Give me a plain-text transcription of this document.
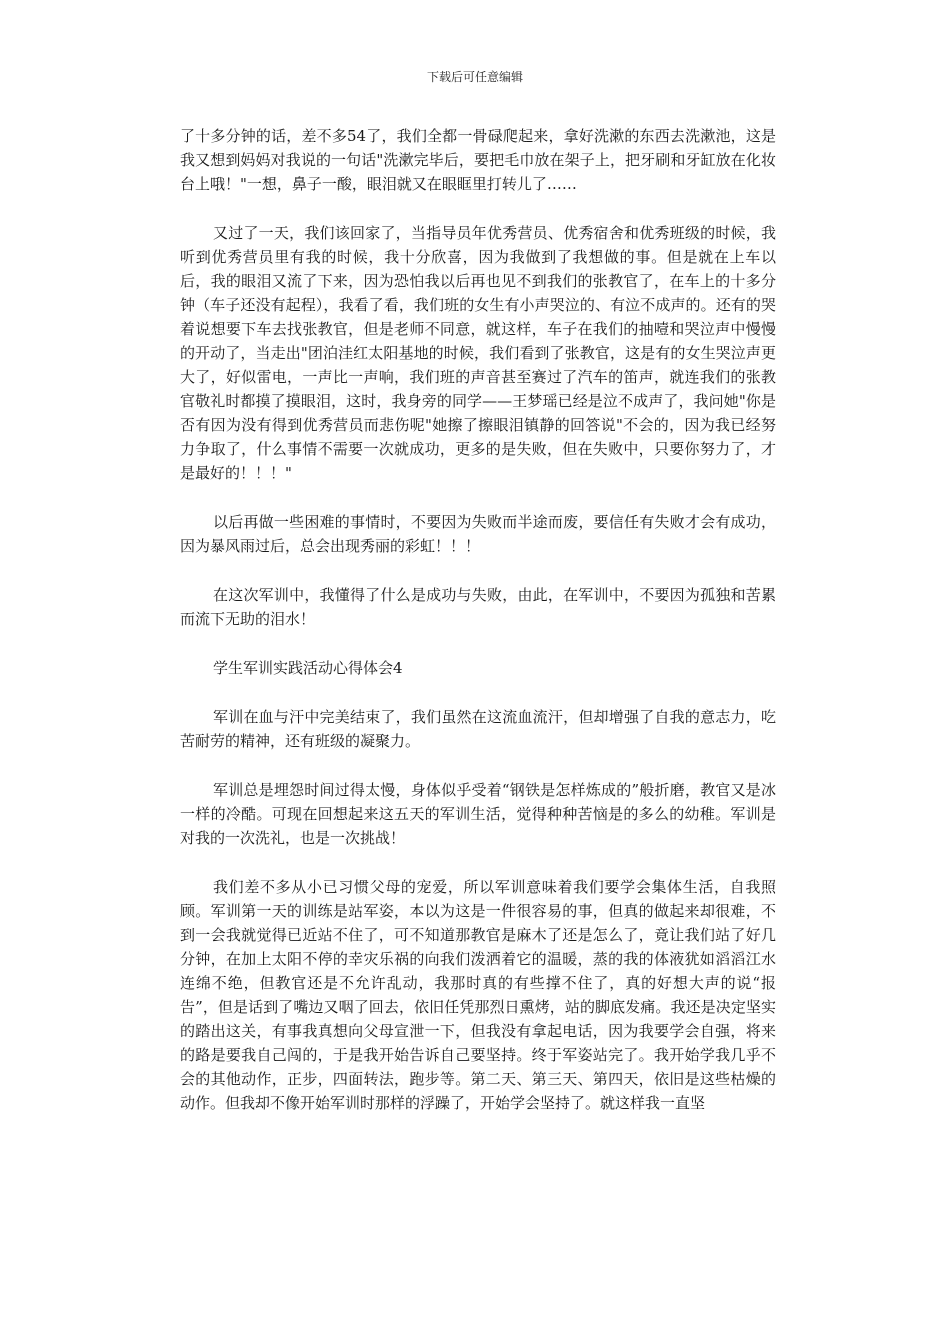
下载后可任意编辑

了十多分钟的话，差不多54了，我们全都一骨碌爬起来，拿好洗漱的东西去洗漱池，这是我又想到妈妈对我说的一句话"洗漱完毕后，要把毛巾放在架子上，把牙刷和牙缸放在化妆台上哦！"一想，鼻子一酸，眼泪就又在眼眶里打转儿了……

又过了一天，我们该回家了，当指导员年优秀营员、优秀宿舍和优秀班级的时候，我听到优秀营员里有我的时候，我十分欣喜，因为我做到了我想做的事。但是就在上车以后，我的眼泪又流了下来，因为恐怕我以后再也见不到我们的张教官了，在车上的十多分钟（车子还没有起程），我看了看，我们班的女生有小声哭泣的、有泣不成声的。还有的哭着说想要下车去找张教官，但是老师不同意，就这样，车子在我们的抽噎和哭泣声中慢慢的开动了，当走出"团泊洼红太阳基地的时候，我们看到了张教官，这是有的女生哭泣声更大了，好似雷电，一声比一声响，我们班的声音甚至赛过了汽车的笛声，就连我们的张教官敬礼时都摸了摸眼泪，这时，我身旁的同学——王梦瑶已经是泣不成声了，我问她"你是否有因为没有得到优秀营员而悲伤呢"她擦了擦眼泪镇静的回答说"不会的，因为我已经努力争取了，什么事情不需要一次就成功，更多的是失败，但在失败中，只要你努力了，才是最好的！！！"

以后再做一些困难的事情时，不要因为失败而半途而废，要信任有失败才会有成功，因为暴风雨过后，总会出现秀丽的彩虹！！！

在这次军训中，我懂得了什么是成功与失败，由此，在军训中，不要因为孤独和苦累而流下无助的泪水！

学生军训实践活动心得体会4

军训在血与汗中完美结束了，我们虽然在这流血流汗，但却增强了自我的意志力，吃苦耐劳的精神，还有班级的凝聚力。

军训总是埋怨时间过得太慢，身体似乎受着“钢铁是怎样炼成的”般折磨，教官又是冰一样的冷酷。可现在回想起来这五天的军训生活，觉得种种苦恼是的多么的幼稚。军训是对我的一次洗礼，也是一次挑战！

我们差不多从小已习惯父母的宠爱，所以军训意味着我们要学会集体生活，自我照顾。军训第一天的训练是站军姿，本以为这是一件很容易的事，但真的做起来却很难，不到一会我就觉得已近站不住了，可不知道那教官是麻木了还是怎么了，竟让我们站了好几分钟，在加上太阳不停的幸灾乐祸的向我们泼洒着它的温暖，蒸的我的体液犹如滔滔江水连绵不绝，但教官还是不允许乱动，我那时真的有些撑不住了，真的好想大声的说“报告”，但是话到了嘴边又咽了回去，依旧任凭那烈日熏烤，站的脚底发痛。我还是决定坚实的踏出这关，有事我真想向父母宣泄一下，但我没有拿起电话，因为我要学会自强，将来的路是要我自己闯的，于是我开始告诉自己要坚持。终于军姿站完了。我开始学我几乎不会的其他动作，正步，四面转法，跑步等。第二天、第三天、第四天，依旧是这些枯燥的动作。但我却不像开始军训时那样的浮躁了，开始学会坚持了。就这样我一直坚
